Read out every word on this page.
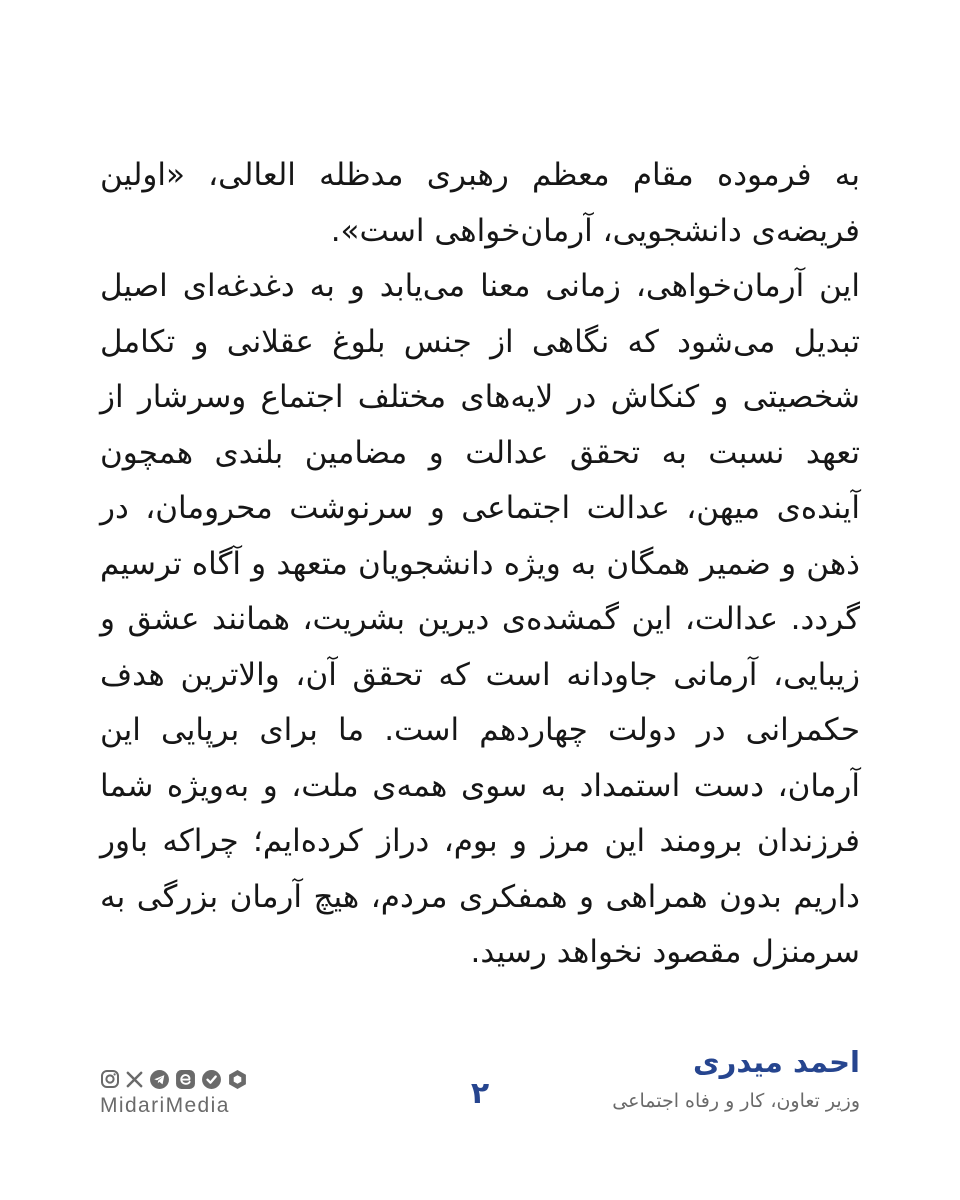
به فرموده مقام معظم رهبری مدظله العالی، «اولین فریضه‌ی دانشجویی، آرمان‌خواهی است».

این آرمان‌خواهی، زمانی معنا می‌یابد و به دغدغه‌ای اصیل تبدیل می‌شود که نگاهی از جنس بلوغ عقلانی و تکامل شخصیتی و کنکاش در لایه‌های مختلف اجتماع وسرشار از تعهد نسبت به تحقق عدالت و مضامین بلندی همچون آینده‌ی میهن، عدالت اجتماعی و سرنوشت محرومان، در ذهن و ضمیر همگان به ویژه دانشجویان متعهد و آگاه ترسیم گردد. عدالت، این گمشده‌ی دیرین بشریت، همانند عشق و زیبایی، آرمانی جاودانه است که تحقق آن، والاترین هدف حکمرانی در دولت چهاردهم است. ما برای برپایی این آرمان، دست استمداد به سوی همه‌ی ملت، و به‌ویژه شما فرزندان برومند این مرز و بوم، دراز کرده‌ایم؛ چراکه باور داریم بدون همراهی و همفکری مردم، هیچ آرمان بزرگی به سرمنزل مقصود نخواهد رسید.

احمد میدری
وزیر تعاون، کار و رفاه اجتماعی
۲
MidariMedia
